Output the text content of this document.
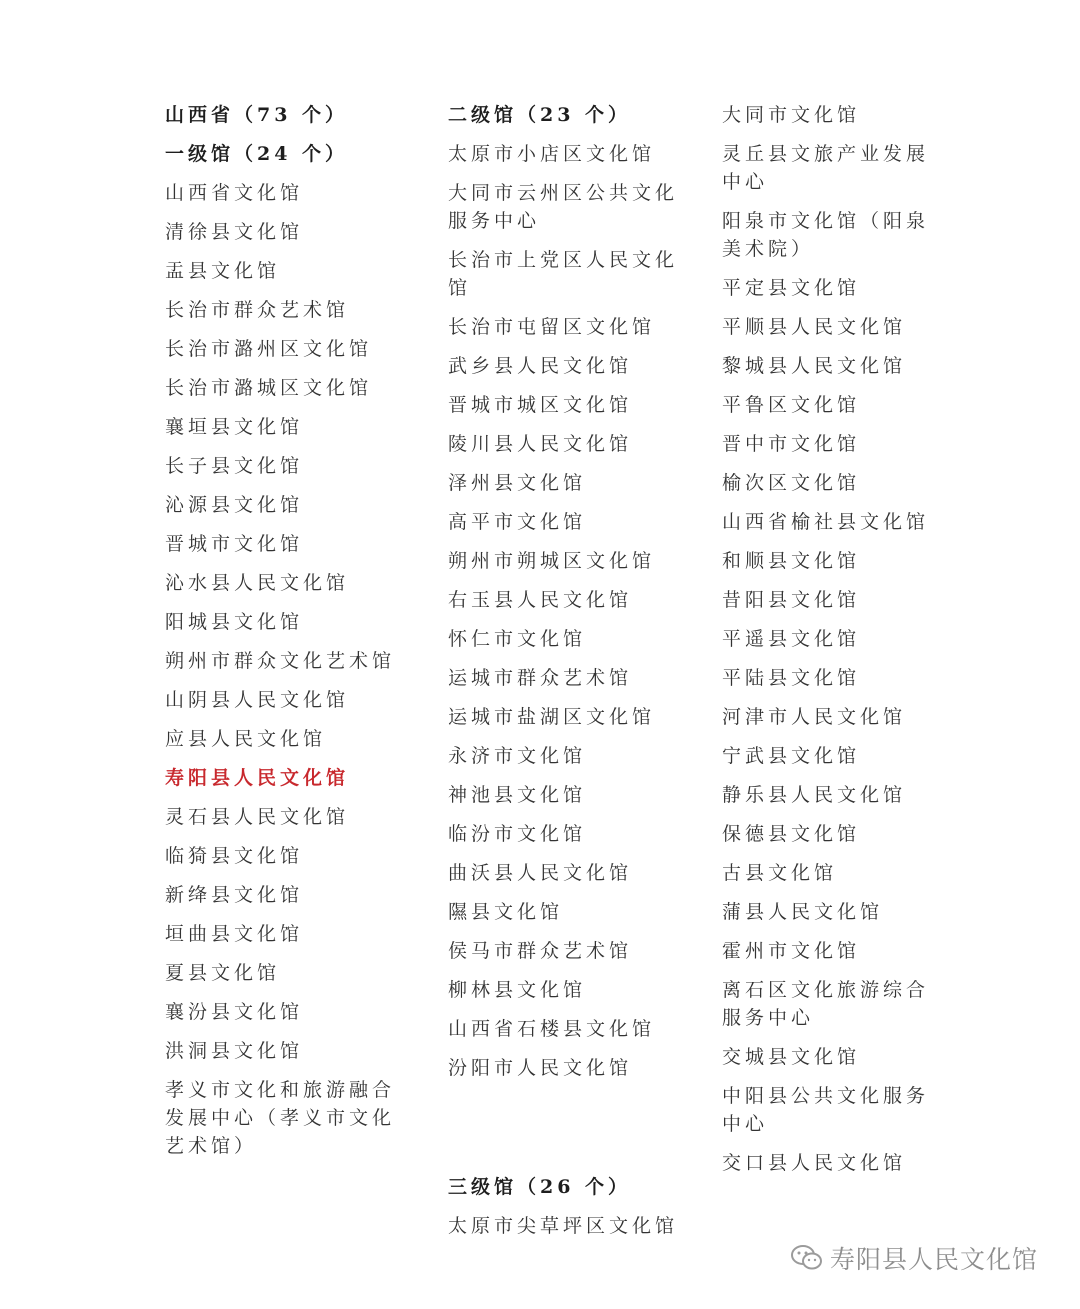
山西省（73 个）
一级馆（24 个）
山西省文化馆
清徐县文化馆
盂县文化馆
长治市群众艺术馆
长治市潞州区文化馆
长治市潞城区文化馆
襄垣县文化馆
长子县文化馆
沁源县文化馆
晋城市文化馆
沁水县人民文化馆
阳城县文化馆
朔州市群众文化艺术馆
山阴县人民文化馆
应县人民文化馆
寿阳县人民文化馆
灵石县人民文化馆
临猗县文化馆
新绛县文化馆
垣曲县文化馆
夏县文化馆
襄汾县文化馆
洪洞县文化馆
孝义市文化和旅游融合发展中心（孝义市文化艺术馆）
二级馆（23 个）
太原市小店区文化馆
大同市云州区公共文化服务中心
长治市上党区人民文化馆
长治市屯留区文化馆
武乡县人民文化馆
晋城市城区文化馆
陵川县人民文化馆
泽州县文化馆
高平市文化馆
朔州市朔城区文化馆
右玉县人民文化馆
怀仁市文化馆
运城市群众艺术馆
运城市盐湖区文化馆
永济市文化馆
神池县文化馆
临汾市文化馆
曲沃县人民文化馆
隰县文化馆
侯马市群众艺术馆
柳林县文化馆
山西省石楼县文化馆
汾阳市人民文化馆
三级馆（26 个）
太原市尖草坪区文化馆
大同市文化馆
灵丘县文旅产业发展中心
阳泉市文化馆（阳泉美术院）
平定县文化馆
平顺县人民文化馆
黎城县人民文化馆
平鲁区文化馆
晋中市文化馆
榆次区文化馆
山西省榆社县文化馆
和顺县文化馆
昔阳县文化馆
平遥县文化馆
平陆县文化馆
河津市人民文化馆
宁武县文化馆
静乐县人民文化馆
保德县文化馆
古县文化馆
蒲县人民文化馆
霍州市文化馆
离石区文化旅游综合服务中心
交城县文化馆
中阳县公共文化服务中心
交口县人民文化馆
寿阳县人民文化馆
